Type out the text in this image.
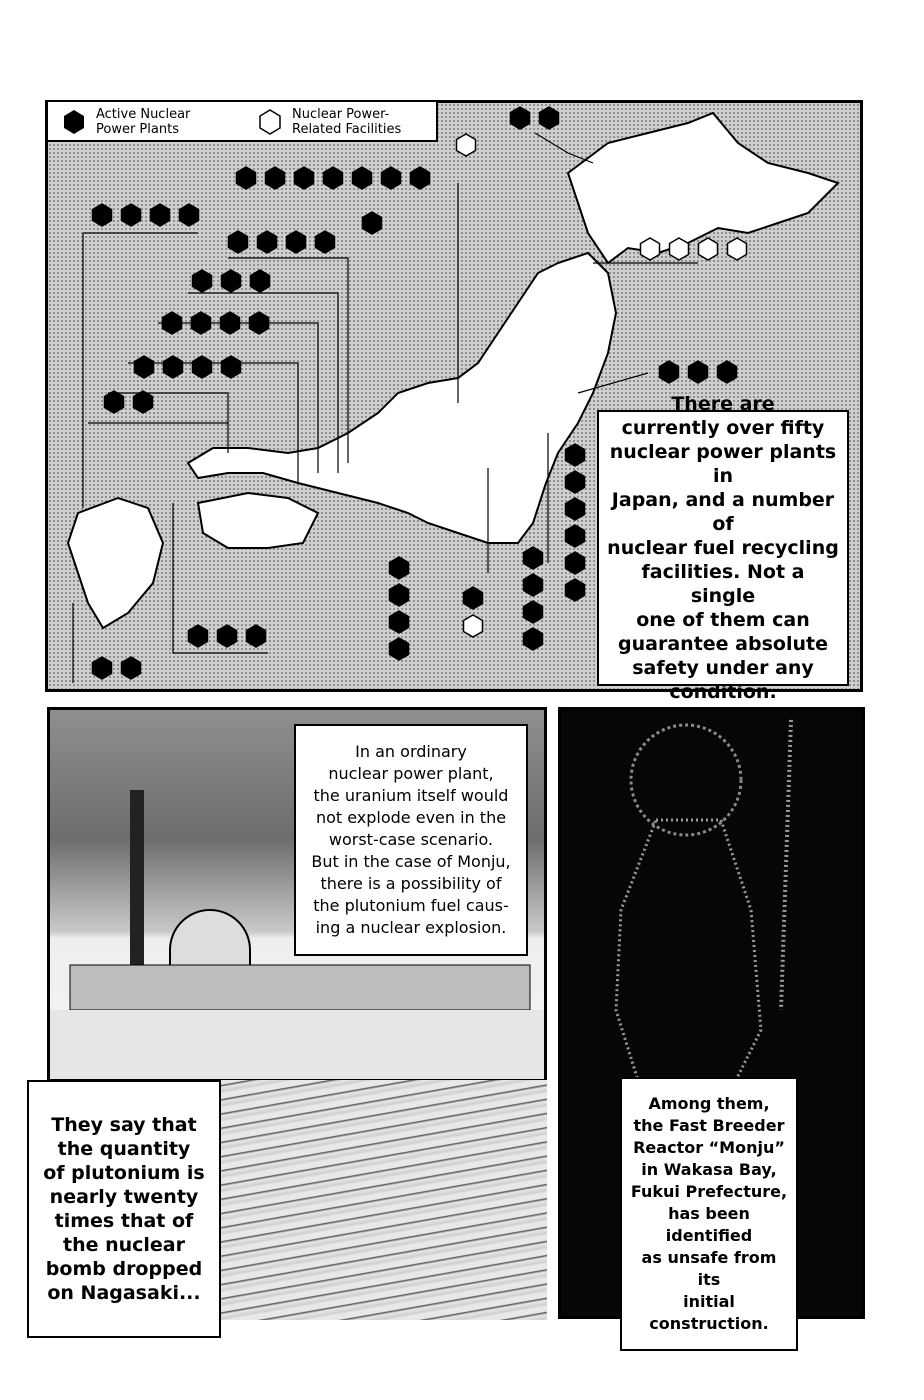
Active Nuclear
Power Plants
Nuclear Power-
Related Facilities
There are
currently over fifty
nuclear power plants in
Japan, and a number of
nuclear fuel recycling
facilities. Not a single
one of them can
guarantee absolute
safety under any
condition.
In an ordinary
nuclear power plant,
the uranium itself would
not explode even in the
worst-case scenario.
But in the case of Monju,
there is a possibility of
the plutonium fuel caus-
ing a nuclear explosion.
They say that
the quantity
of plutonium is
nearly twenty
times that of
the nuclear
bomb dropped
on Nagasaki...
Among them,
the Fast Breeder
Reactor “Monju”
in Wakasa Bay,
Fukui Prefecture,
has been identified
as unsafe from its
initial construction.
